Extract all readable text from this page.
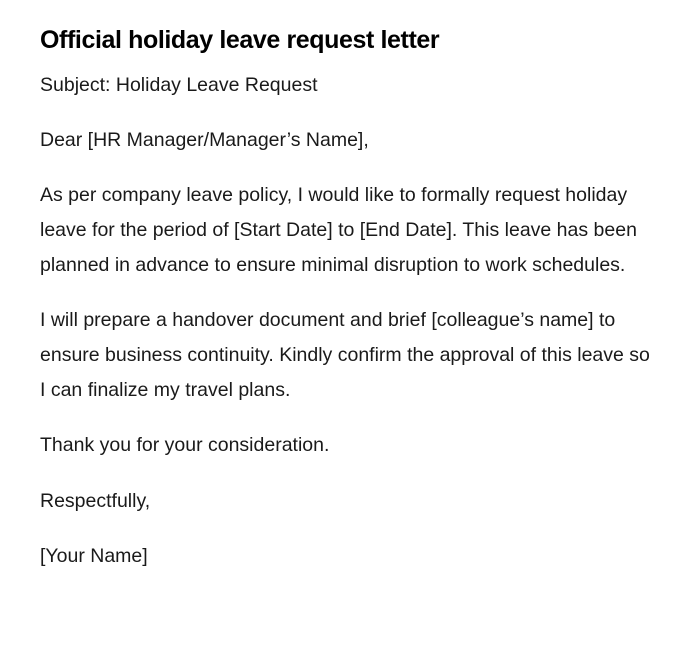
Official holiday leave request letter

Subject: Holiday Leave Request

Dear [HR Manager/Manager’s Name],

As per company leave policy, I would like to formally request holiday leave for the period of [Start Date] to [End Date]. This leave has been planned in advance to ensure minimal disruption to work schedules.

I will prepare a handover document and brief [colleague’s name] to ensure business continuity. Kindly confirm the approval of this leave so I can finalize my travel plans.

Thank you for your consideration.

Respectfully,

[Your Name]
